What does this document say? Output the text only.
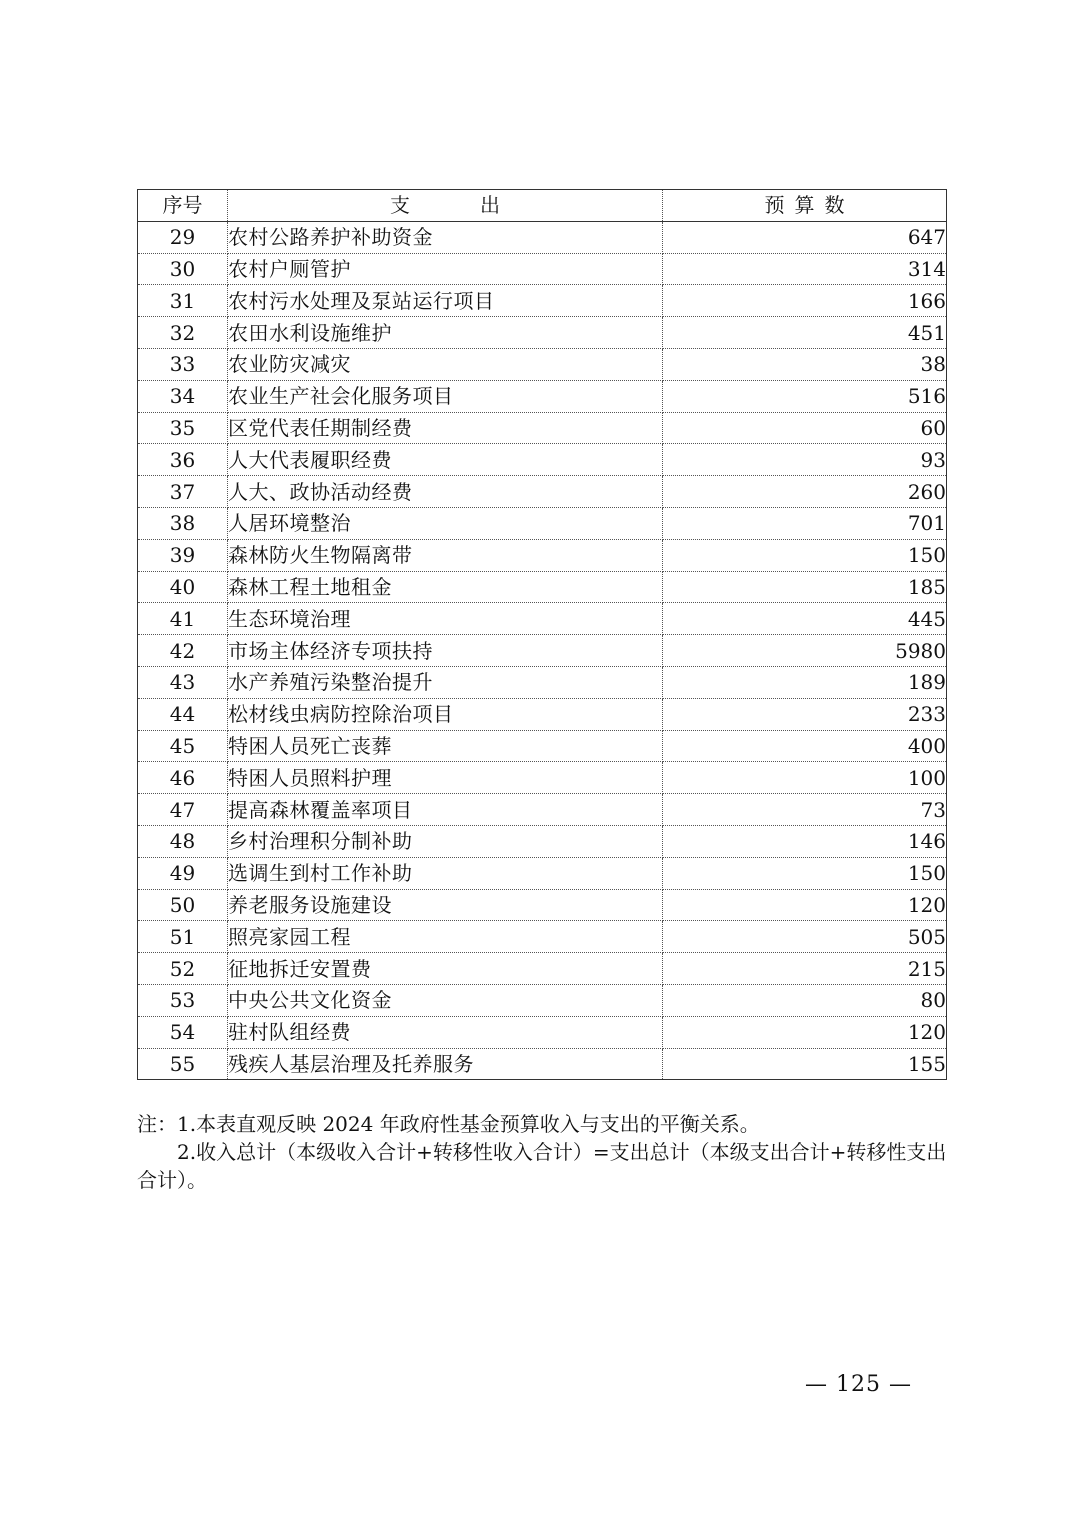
序号	支出	预算数
29	农村公路养护补助资金	647
30	农村户厕管护	314
31	农村污水处理及泵站运行项目	166
32	农田水利设施维护	451
33	农业防灾减灾	38
34	农业生产社会化服务项目	516
35	区党代表任期制经费	60
36	人大代表履职经费	93
37	人大、政协活动经费	260
38	人居环境整治	701
39	森林防火生物隔离带	150
40	森林工程土地租金	185
41	生态环境治理	445
42	市场主体经济专项扶持	5980
43	水产养殖污染整治提升	189
44	松材线虫病防控除治项目	233
45	特困人员死亡丧葬	400
46	特困人员照料护理	100
47	提高森林覆盖率项目	73
48	乡村治理积分制补助	146
49	选调生到村工作补助	150
50	养老服务设施建设	120
51	照亮家园工程	505
52	征地拆迁安置费	215
53	中央公共文化资金	80
54	驻村队组经费	120
55	残疾人基层治理及托养服务	155

注：1.本表直观反映 2024 年政府性基金预算收入与支出的平衡关系。

2.收入总计（本级收入合计+转移性收入合计）=支出总计（本级支出合计+转移性支出合计）。

— 125 —
